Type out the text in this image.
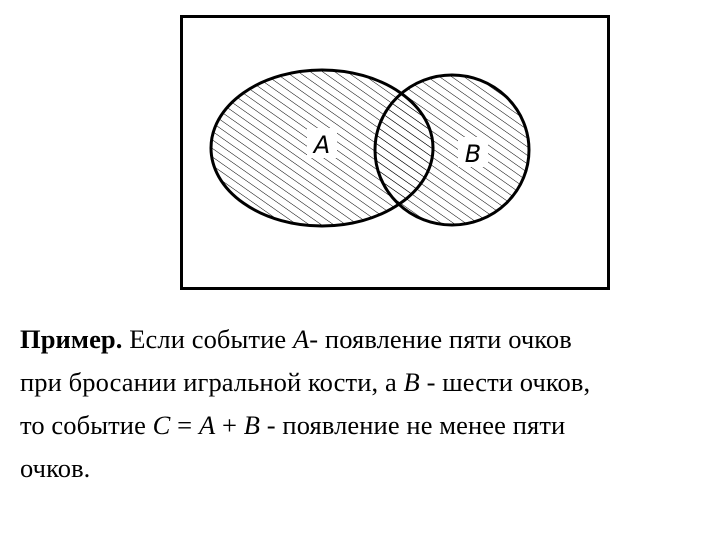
A	B
Пример. Если событие А- появление пяти очков
при бросании игральной кости, а В - шести очков,
то событие С = А + В - появление не менее пяти
очков.
